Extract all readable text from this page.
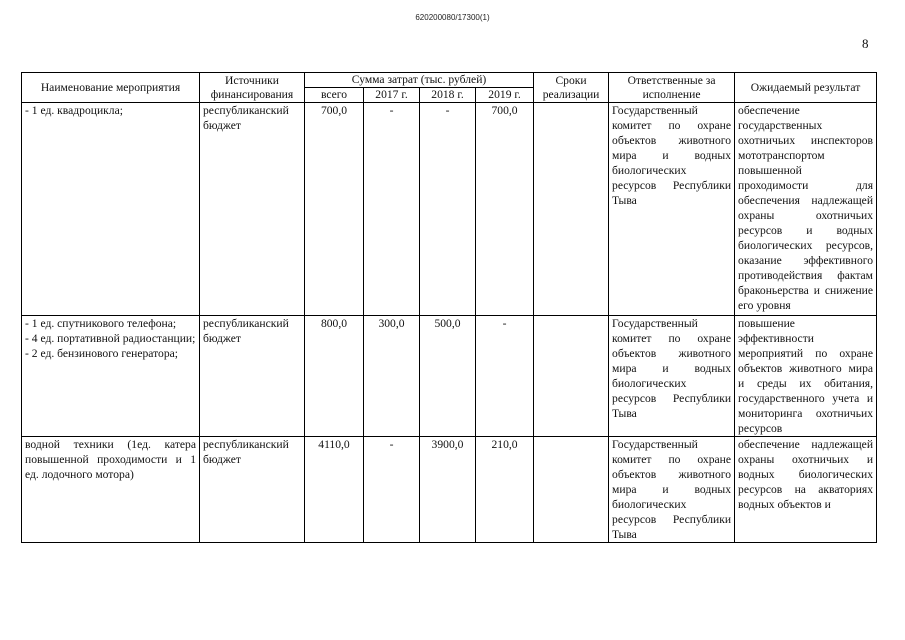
620200080/17300(1)
8
Наименование мероприятия	Источники финансирования	Сумма затрат (тыс. рублей)				Сроки реализации	Ответственные за исполнение	Ожидаемый результат
		всего	2017 г.	2018 г.	2019 г.			
- 1 ед. квадроцикла;	республиканский бюджет	700,0	-	-	700,0		Государственный комитет по охране объектов животного мира и водных биологических ресурсов Республики Тыва	обеспечение государственных охотничьих инспекторов мототранспортом повышенной проходимости для обеспечения надлежащей охраны охотничьих ресурсов и водных биологических ресурсов, оказание эффективного противодействия фактам браконьерства и снижение его уровня
- 1 ед. спутникового телефона;
- 4 ед. портативной радиостанции;
- 2 ед. бензинового генератора;	республиканский бюджет	800,0	300,0	500,0	-		Государственный комитет по охране объектов животного мира и водных биологических ресурсов Республики Тыва	повышение эффективности мероприятий по охране объектов животного мира и среды их обитания, государственного учета и мониторинга охотничьих ресурсов
водной техники (1ед. катера повышенной проходимости и 1 ед. лодочного мотора)	республиканский бюджет	4110,0	-	3900,0	210,0		Государственный комитет по охране объектов животного мира и водных биологических ресурсов Республики Тыва	обеспечение надлежащей охраны охотничьих и водных биологических ресурсов на акваториях водных объектов и
